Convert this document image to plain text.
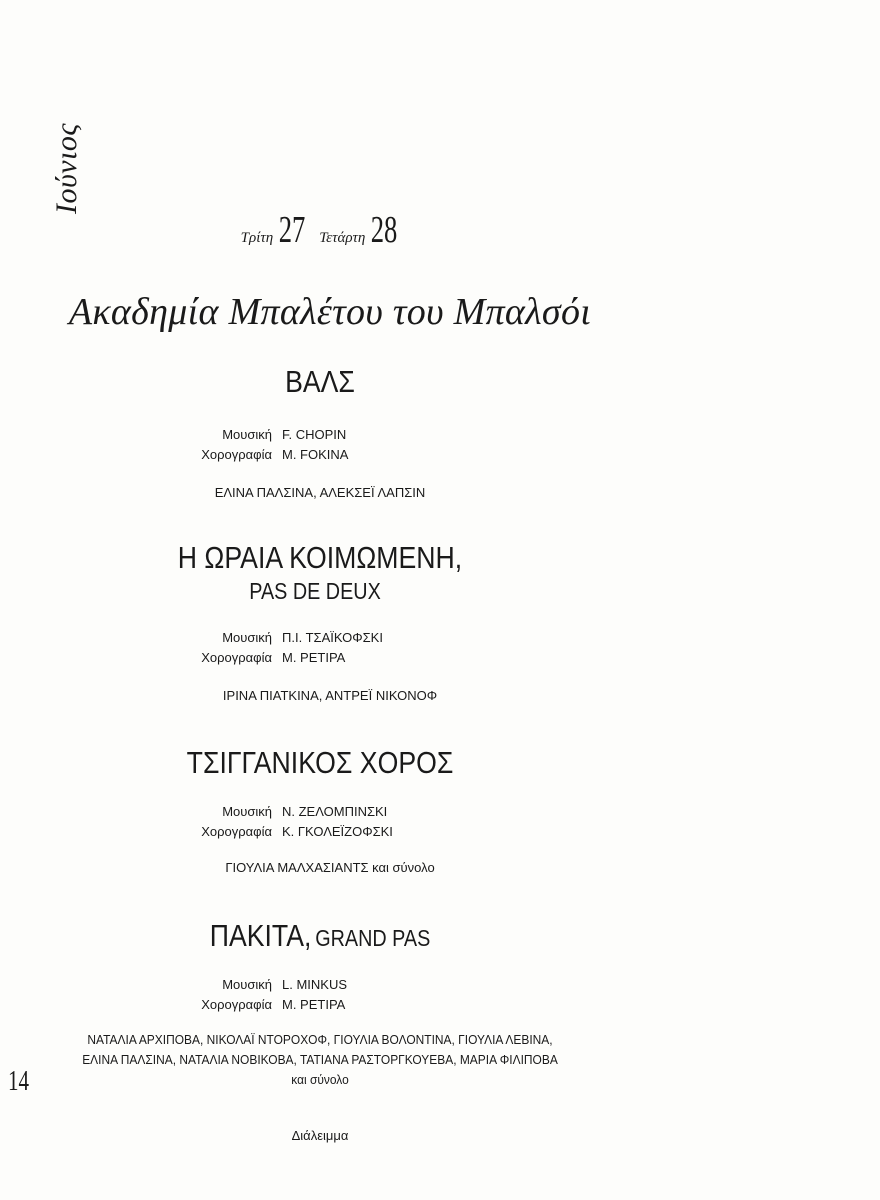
Ιούνιος
Τρίτη 27 Τετάρτη 28
Ακαδημία Μπαλέτου του Μπαλσόι
ΒΑΛΣ
Μουσική F. CHOPIN
Χορογραφία M. FOKINA
ΕΛΙΝΑ ΠΑΛΣΙΝΑ, ΑΛΕΚΣΕΪ ΛΑΠΣΙΝ
Η ΩΡΑΙΑ ΚΟΙΜΩΜΕΝΗ,
PAS DE DEUX
Μουσική Π.Ι. ΤΣΑΪΚΟΦΣΚΙ
Χορογραφία Μ. ΡΕΤΙΡΑ
ΙΡΙΝΑ ΠΙΑΤΚΙΝΑ, ΑΝΤΡΕΪ ΝΙΚΟΝΟΦ
ΤΣΙΓΓΑΝΙΚΟΣ ΧΟΡΟΣ
Μουσική Ν. ΖΕΛΟΜΠΙΝΣΚΙ
Χορογραφία Κ. ΓΚΟΛΕΪΖΟΦΣΚΙ
ΓΙΟΥΛΙΑ ΜΑΛΧΑΣΙΑΝΤΣ και σύνολο
ΠΑΚΙΤΑ, GRAND PAS
Μουσική L. MINKUS
Χορογραφία Μ. ΡΕΤΙΡΑ
ΝΑΤΑΛΙΑ ΑΡΧΙΠΟΒΑ, ΝΙΚΟΛΑΪ ΝΤΟΡΟΧΟΦ, ΓΙΟΥΛΙΑ ΒΟΛΟΝΤΙΝΑ, ΓΙΟΥΛΙΑ ΛΕΒΙΝΑ,
ΕΛΙΝΑ ΠΑΛΣΙΝΑ, ΝΑΤΑΛΙΑ ΝΟΒΙΚΟΒΑ, ΤΑΤΙΑΝΑ ΡΑΣΤΟΡΓΚΟΥΕΒΑ, ΜΑΡΙΑ ΦΙΛΙΠΟΒΑ
και σύνολο
14
Διάλειμμα
